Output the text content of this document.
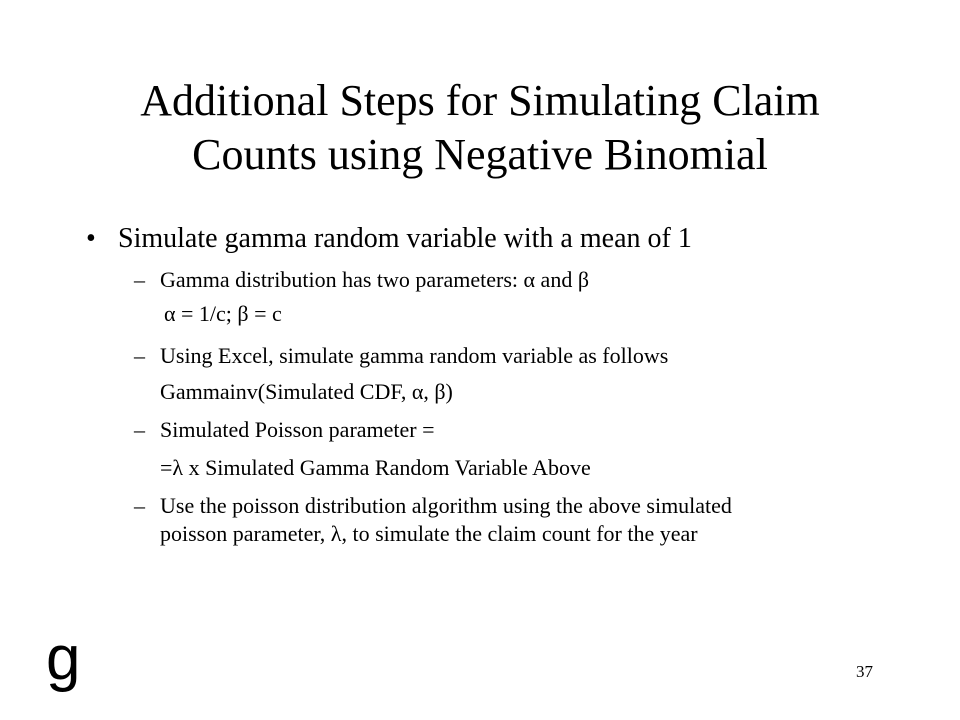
Additional Steps for Simulating Claim
Counts using Negative Binomial
• Simulate gamma random variable with a mean of 1
– Gamma distribution has two parameters: α and β
α = 1/c; β = c
– Using Excel, simulate gamma random variable as follows
Gammainv(Simulated CDF, α, β)
– Simulated Poisson parameter =
=λ x Simulated Gamma Random Variable Above
– Use the poisson distribution algorithm using the above simulated
poisson parameter, λ, to simulate the claim count for the year
g	37
